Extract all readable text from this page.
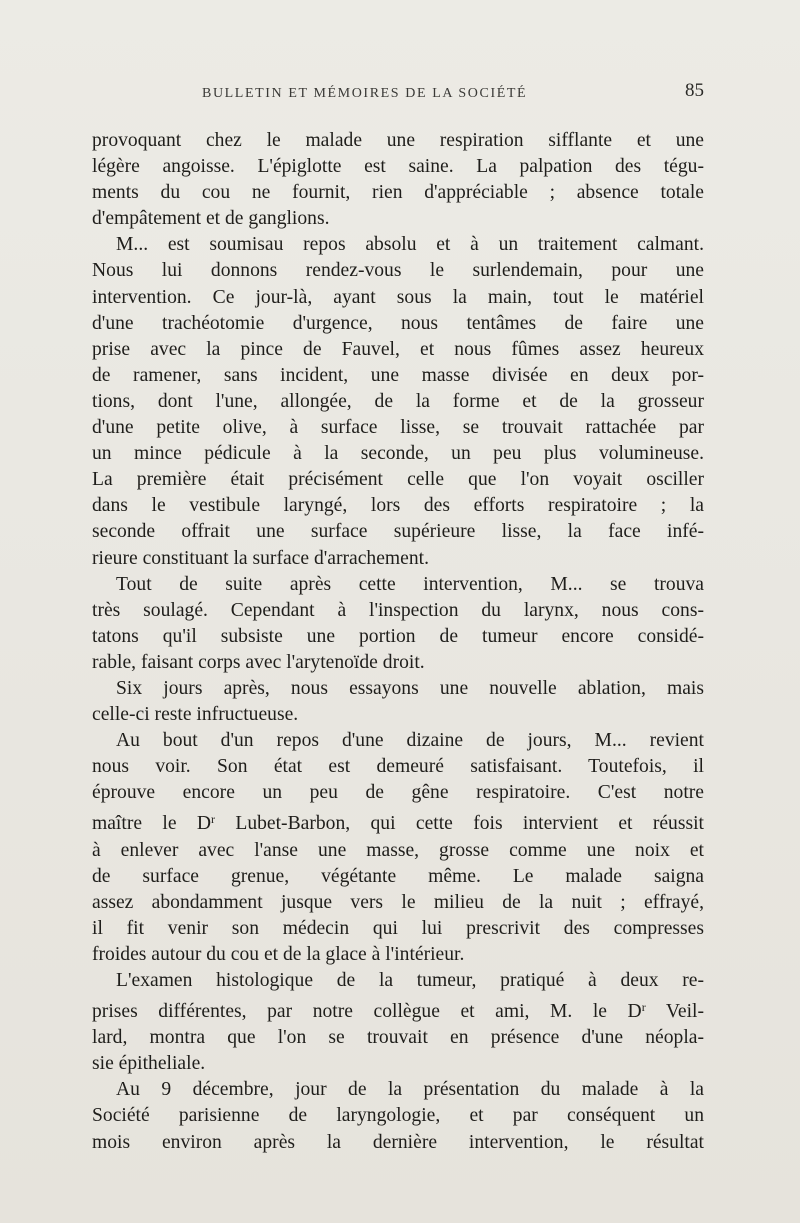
BULLETIN ET MÉMOIRES DE LA SOCIÉTÉ	85

provoquant chez le malade une respiration sifflante et une
légère angoisse. L'épiglotte est saine. La palpation des tégu-
ments du cou ne fournit, rien d'appréciable ; absence totale
d'empâtement et de ganglions.

M... est soumisau repos absolu et à un traitement calmant.
Nous lui donnons rendez-vous le surlendemain, pour une
intervention. Ce jour-là, ayant sous la main, tout le matériel
d'une trachéotomie d'urgence, nous tentâmes de faire une
prise avec la pince de Fauvel, et nous fûmes assez heureux
de ramener, sans incident, une masse divisée en deux por-
tions, dont l'une, allongée, de la forme et de la grosseur
d'une petite olive, à surface lisse, se trouvait rattachée par
un mince pédicule à la seconde, un peu plus volumineuse.
La première était précisément celle que l'on voyait osciller
dans le vestibule laryngé, lors des efforts respiratoire ; la
seconde offrait une surface supérieure lisse, la face infé-
rieure constituant la surface d'arrachement.

Tout de suite après cette intervention, M... se trouva
très soulagé. Cependant à l'inspection du larynx, nous cons-
tatons qu'il subsiste une portion de tumeur encore considé-
rable, faisant corps avec l'arytenoïde droit.

Six jours après, nous essayons une nouvelle ablation, mais
celle-ci reste infructueuse.

Au bout d'un repos d'une dizaine de jours, M... revient
nous voir. Son état est demeuré satisfaisant. Toutefois, il
éprouve encore un peu de gêne respiratoire. C'est notre
maître le $D^r$ Lubet-Barbon, qui cette fois intervient et réussit
à enlever avec l'anse une masse, grosse comme une noix et
de surface grenue, végétante même. Le malade saigna
assez abondamment jusque vers le milieu de la nuit ; effrayé,
il fit venir son médecin qui lui prescrivit des compresses
froides autour du cou et de la glace à l'intérieur.

L'examen histologique de la tumeur, pratiqué à deux re-
prises différentes, par notre collègue et ami, M. le $D^r$ Veil-
lard, montra que l'on se trouvait en présence d'une néopla-
sie épitheliale.

Au 9 décembre, jour de la présentation du malade à la
Société parisienne de laryngologie, et par conséquent un
mois environ après la dernière intervention, le résultat
